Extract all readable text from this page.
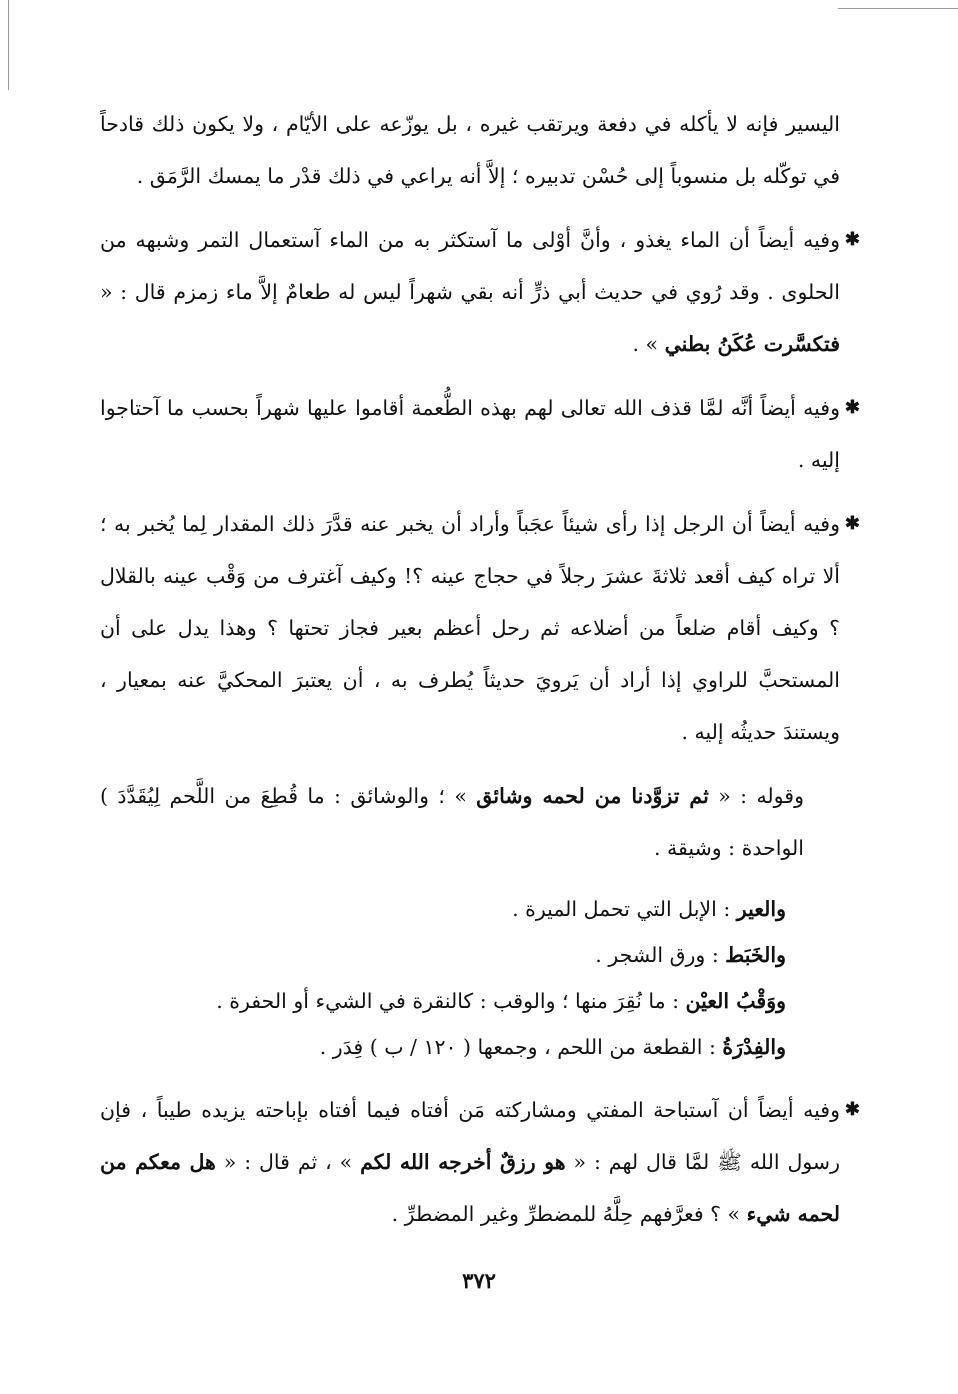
اليسير فإنه لا يأكله في دفعة ويرتقب غيره ، بل يوزّعه على الأيّام ، ولا يكون ذلك قادحاً في توكّله بل منسوباً إلى حُسْن تدبيره ؛ إلاَّ أنه يراعي في ذلك قدْر ما يمسك الرَّمَق .

✱
وفيه أيضاً أن الماء يغذو ، وأنَّ أوْلى ما آستكثر به من الماء آستعمال التمر وشبهه من الحلوى . وقد رُوي في حديث أبي ذرٍّ أنه بقي شهراً ليس له طعامٌ إلاَّ ماء زمزم قال : « فتكسَّرت عُكَنُ بطني » .

✱
وفيه أيضاً أنَّه لمَّا قذف الله تعالى لهم بهذه الطُّعمة أقاموا عليها شهراً بحسب ما آحتاجوا إليه .

✱
وفيه أيضاً أن الرجل إذا رأى شيئاً عجَباً وأراد أن يخبر عنه قدَّرَ ذلك المقدار لِما يُخبر به ؛ ألا تراه كيف أقعد ثلاثةَ عشرَ رجلاً في حجاج عينه ؟! وكيف آغترف من وَقْب عينه بالقلال ؟ وكيف أقام ضلعاً من أضلاعه ثم رحل أعظم بعير فجاز تحتها ؟ وهذا يدل على أن المستحبَّ للراوي إذا أراد أن يَرويَ حديثاً يُطرف به ، أن يعتبرَ المحكيَّ عنه بمعيار ، ويستندَ حديثُه إليه .

وقوله : « ثم تزوَّدنا من لحمه وشائق » ؛ والوشائق : ما قُطِعَ من اللَّحم لِيُقَدَّدَ ) الواحدة : وشيقة .

والعير : الإبل التي تحمل الميرة .
والخَبَط : ورق الشجر .
ووَقْبُ العيْن : ما نُقِرَ منها ؛ والوقب : كالنقرة في الشيء أو الحفرة .
والفِدْرَةُ : القطعة من اللحم ، وجمعها ( ١٢٠ / ب ) فِدَر .

✱
وفيه أيضاً أن آستباحة المفتي ومشاركته مَن أفتاه فيما أفتاه بإباحته يزيده طيباً ، فإن رسول الله ﷺ لمَّا قال لهم : « هو رزقٌ أخرجه الله لكم » ، ثم قال : « هل معكم من لحمه شيء » ؟ فعرَّفهم حِلَّهُ للمضطرِّ وغير المضطرِّ .

٣٧٢
